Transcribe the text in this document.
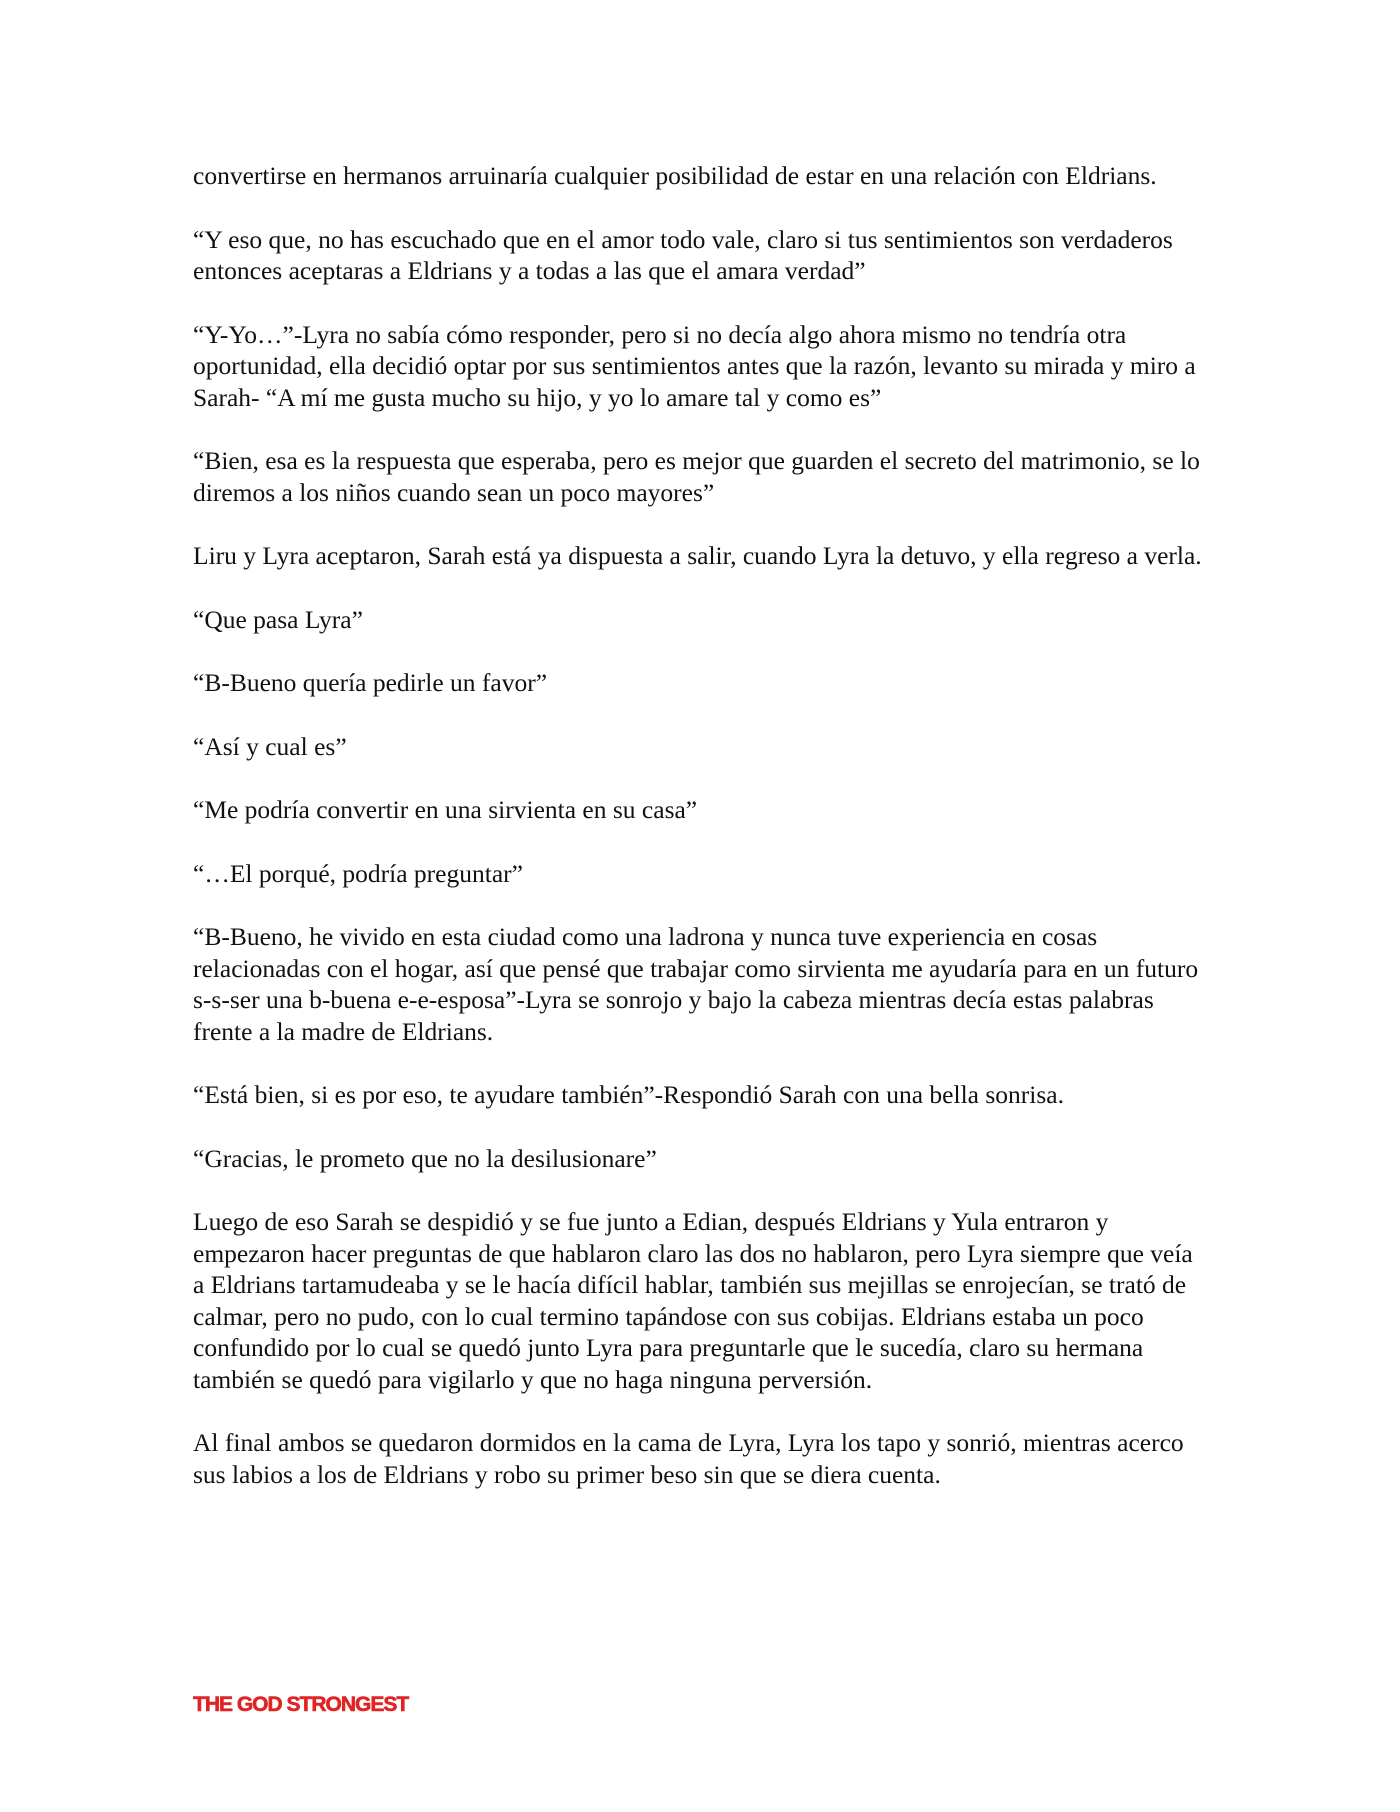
convertirse en hermanos arruinaría cualquier posibilidad de estar en una relación con Eldrians.

“Y eso que, no has escuchado que en el amor todo vale, claro si tus sentimientos son verdaderos entonces aceptaras a Eldrians y a todas a las que el amara verdad”

“Y-Yo…”-Lyra no sabía cómo responder, pero si no decía algo ahora mismo no tendría otra oportunidad, ella decidió optar por sus sentimientos antes que la razón, levanto su mirada y miro a Sarah- “A mí me gusta mucho su hijo, y yo lo amare tal y como es”

“Bien, esa es la respuesta que esperaba, pero es mejor que guarden el secreto del matrimonio, se lo diremos a los niños cuando sean un poco mayores”

Liru y Lyra aceptaron, Sarah está ya dispuesta a salir, cuando Lyra la detuvo, y ella regreso a verla.

“Que pasa Lyra”

“B-Bueno quería pedirle un favor”

“Así y cual es”

“Me podría convertir en una sirvienta en su casa”

“…El porqué, podría preguntar”

“B-Bueno, he vivido en esta ciudad como una ladrona y nunca tuve experiencia en cosas relacionadas con el hogar, así que pensé que trabajar como sirvienta me ayudaría para en un futuro s-s-ser una b-buena e-e-esposa”-Lyra se sonrojo y bajo la cabeza mientras decía estas palabras frente a la madre de Eldrians.

“Está bien, si es por eso, te ayudare también”-Respondió Sarah con una bella sonrisa.

“Gracias, le prometo que no la desilusionare”

Luego de eso Sarah se despidió y se fue junto a Edian, después Eldrians y Yula entraron y empezaron hacer preguntas de que hablaron claro las dos no hablaron, pero Lyra siempre que veía a Eldrians tartamudeaba y se le hacía difícil hablar, también sus mejillas se enrojecían, se trató de calmar, pero no pudo, con lo cual termino tapándose con sus cobijas. Eldrians estaba un poco confundido por lo cual se quedó junto Lyra para preguntarle que le sucedía, claro su hermana también se quedó para vigilarlo y que no haga ninguna perversión.

Al final ambos se quedaron dormidos en la cama de Lyra, Lyra los tapo y sonrió, mientras acerco sus labios a los de Eldrians y robo su primer beso sin que se diera cuenta.

THE GOD STRONGEST
